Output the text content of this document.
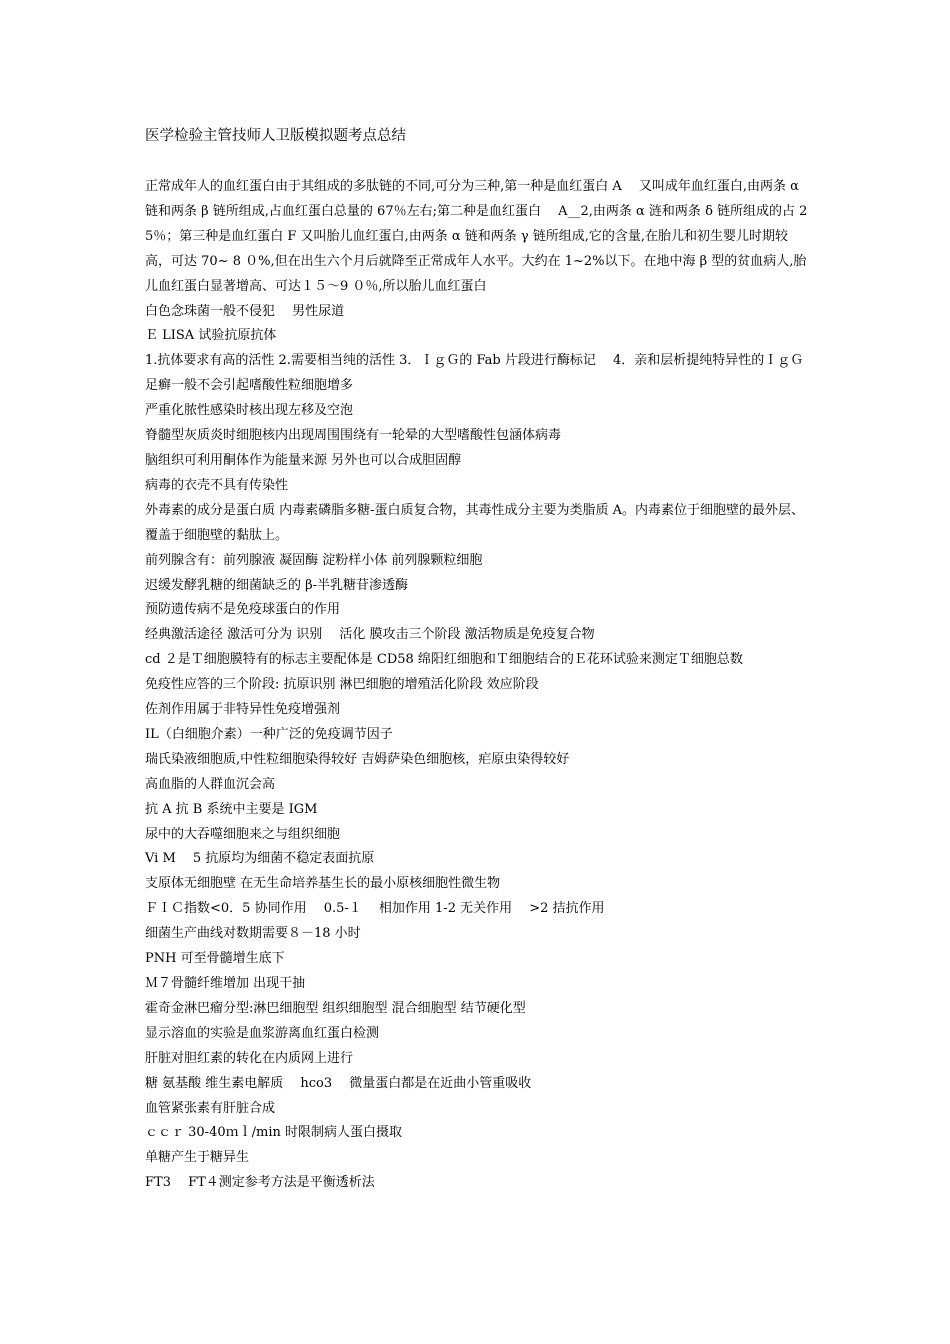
医学检验主管技师人卫版模拟题考点总结

正常成年人的血红蛋白由于其组成的多肽链的不同,可分为三种,第一种是血红蛋白 A　 又叫成年血红蛋白,由两条 α 链和两条 β 链所组成,占血红蛋白总量的 67％左右;第二种是血红蛋白　 A__2,由两条 α 涟和两条 δ 链所组成的占 25％；第三种是血红蛋白 F 又叫胎儿血红蛋白,由两条 α 链和两条 γ 链所组成,它的含量,在胎儿和初生婴儿时期较高，可达 70~ 8 ０%,但在出生六个月后就降至正常成年人水平。大约在 1~2%以下。在地中海 β 型的贫血病人,胎儿血红蛋白显著增高、可达１５～9 ０％,所以胎儿血红蛋白

白色念珠菌一般不侵犯　 男性尿道

Ｅ LISA 试验抗原抗体

1.抗体要求有高的活性 2.需要相当纯的活性 3．ＩｇＧ的 Fab 片段进行酶标记　 4．亲和层析提纯特异性的ＩｇＧ

足癣一般不会引起嗜酸性粒细胞增多

严重化脓性感染时核出现左移及空泡

脊髓型灰质炎时细胞核内出现周围围绕有一轮晕的大型嗜酸性包涵体病毒

脑组织可利用酮体作为能量来源 另外也可以合成胆固醇

病毒的衣壳不具有传染性

外毒素的成分是蛋白质 内毒素磷脂多糖-蛋白质复合物，其毒性成分主要为类脂质 A。内毒素位于细胞壁的最外层、覆盖于细胞壁的黏肽上。

前列腺含有：前列腺液 凝固酶 淀粉样小体 前列腺颗粒细胞

迟缓发酵乳糖的细菌缺乏的 β-半乳糖苷渗透酶

预防遗传病不是免疫球蛋白的作用

经典激活途径 激活可分为 识别　 活化 膜攻击三个阶段 激活物质是免疫复合物

cd ２是Ｔ细胞膜特有的标志主要配体是 CD58 绵阳红细胞和Ｔ细胞结合的Ｅ花环试验来测定Ｔ细胞总数

免疫性应答的三个阶段: 抗原识别 淋巴细胞的增殖活化阶段 效应阶段

佐剂作用属于非特异性免疫增强剂

IL（白细胞介素）一种广泛的免疫调节因子

瑞氏染液细胞质,中性粒细胞染得较好 吉姆萨染色细胞核，疟原虫染得较好

高血脂的人群血沉会高

抗 A 抗 B 系统中主要是 IGM

尿中的大吞噬细胞来之与组织细胞

Vi M　 5 抗原均为细菌不稳定表面抗原

支原体无细胞壁 在无生命培养基生长的最小原核细胞性微生物

ＦＩＣ指数<0．5 协同作用　 0.5-１　 相加作用 1-2 无关作用　 >2 拮抗作用

细菌生产曲线对数期需要８－18 小时

PNH 可至骨髓增生底下

Ｍ７骨髓纤维增加 出现干抽

霍奇金淋巴瘤分型:淋巴细胞型 组织细胞型 混合细胞型 结节硬化型

显示溶血的实验是血浆游离血红蛋白检测

肝脏对胆红素的转化在内质网上进行

糖 氨基酸 维生素电解质　 hco3　 微量蛋白都是在近曲小管重吸收

血管紧张素有肝脏合成

ｃｃｒ 30-40ｍｌ/min 时限制病人蛋白摄取

单糖产生于糖异生

FT3　 FT４测定参考方法是平衡透析法
